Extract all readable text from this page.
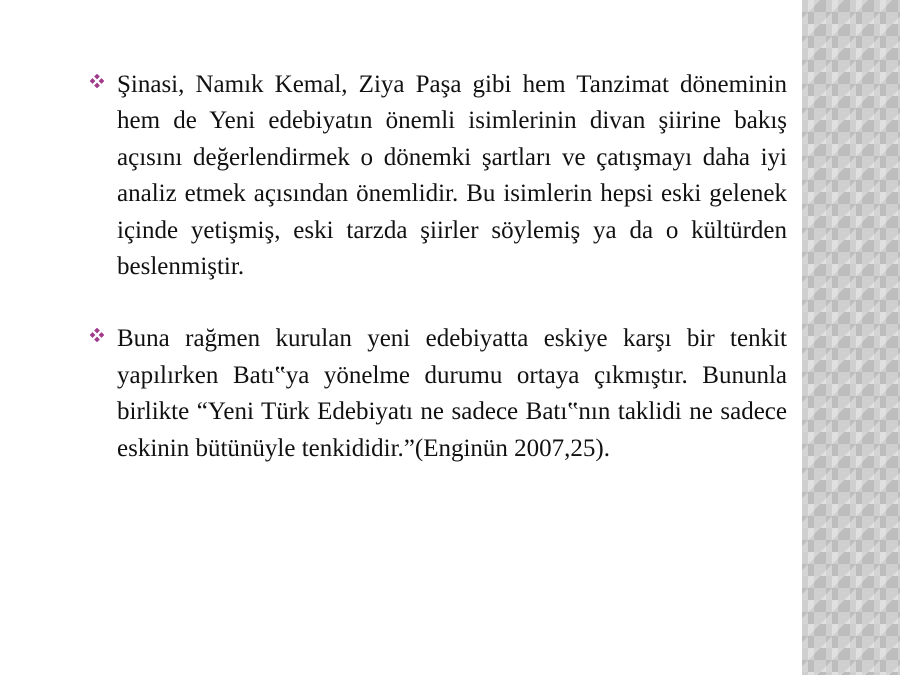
Şinasi, Namık Kemal, Ziya Paşa gibi hem Tanzimat döneminin hem de Yeni edebiyatın önemli isimlerinin divan şiirine bakış açısını değerlendirmek o dönemki şartları ve çatışmayı daha iyi analiz etmek açısından önemlidir. Bu isimlerin hepsi eski gelenek içinde yetişmiş, eski tarzda şiirler söylemiş ya da o kültürden beslenmiştir.
Buna rağmen kurulan yeni edebiyatta eskiye karşı bir tenkit yapılırken Batı‟ya yönelme durumu ortaya çıkmıştır. Bununla birlikte “Yeni Türk Edebiyatı ne sadece Batı‟nın taklidi ne sadece eskinin bütünüyle tenkididir.”(Enginün 2007,25).
